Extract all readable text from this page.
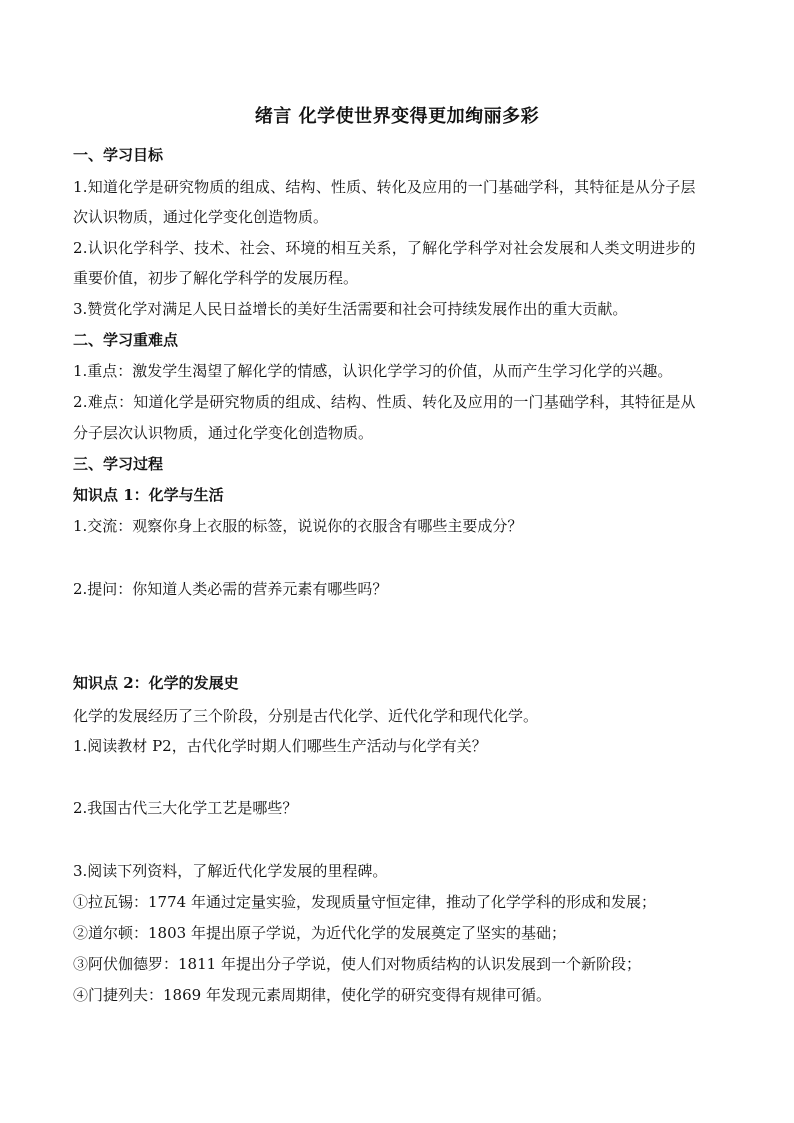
绪言 化学使世界变得更加绚丽多彩
一、学习目标
1.知道化学是研究物质的组成、结构、性质、转化及应用的一门基础学科，其特征是从分子层
次认识物质，通过化学变化创造物质。
2.认识化学科学、技术、社会、环境的相互关系，了解化学科学对社会发展和人类文明进步的
重要价值，初步了解化学科学的发展历程。
3.赞赏化学对满足人民日益增长的美好生活需要和社会可持续发展作出的重大贡献。
二、学习重难点
1.重点：激发学生渴望了解化学的情感，认识化学学习的价值，从而产生学习化学的兴趣。
2.难点：知道化学是研究物质的组成、结构、性质、转化及应用的一门基础学科，其特征是从
分子层次认识物质，通过化学变化创造物质。
三、学习过程
知识点 1：化学与生活
1.交流：观察你身上衣服的标签，说说你的衣服含有哪些主要成分？
2.提问：你知道人类必需的营养元素有哪些吗？
知识点 2：化学的发展史
化学的发展经历了三个阶段，分别是古代化学、近代化学和现代化学。
1.阅读教材 P2，古代化学时期人们哪些生产活动与化学有关？
2.我国古代三大化学工艺是哪些？
3.阅读下列资料，了解近代化学发展的里程碑。
①拉瓦锡：1774 年通过定量实验，发现质量守恒定律，推动了化学学科的形成和发展；
②道尔顿：1803 年提出原子学说，为近代化学的发展奠定了坚实的基础；
③阿伏伽德罗：1811 年提出分子学说，使人们对物质结构的认识发展到一个新阶段；
④门捷列夫：1869 年发现元素周期律，使化学的研究变得有规律可循。
